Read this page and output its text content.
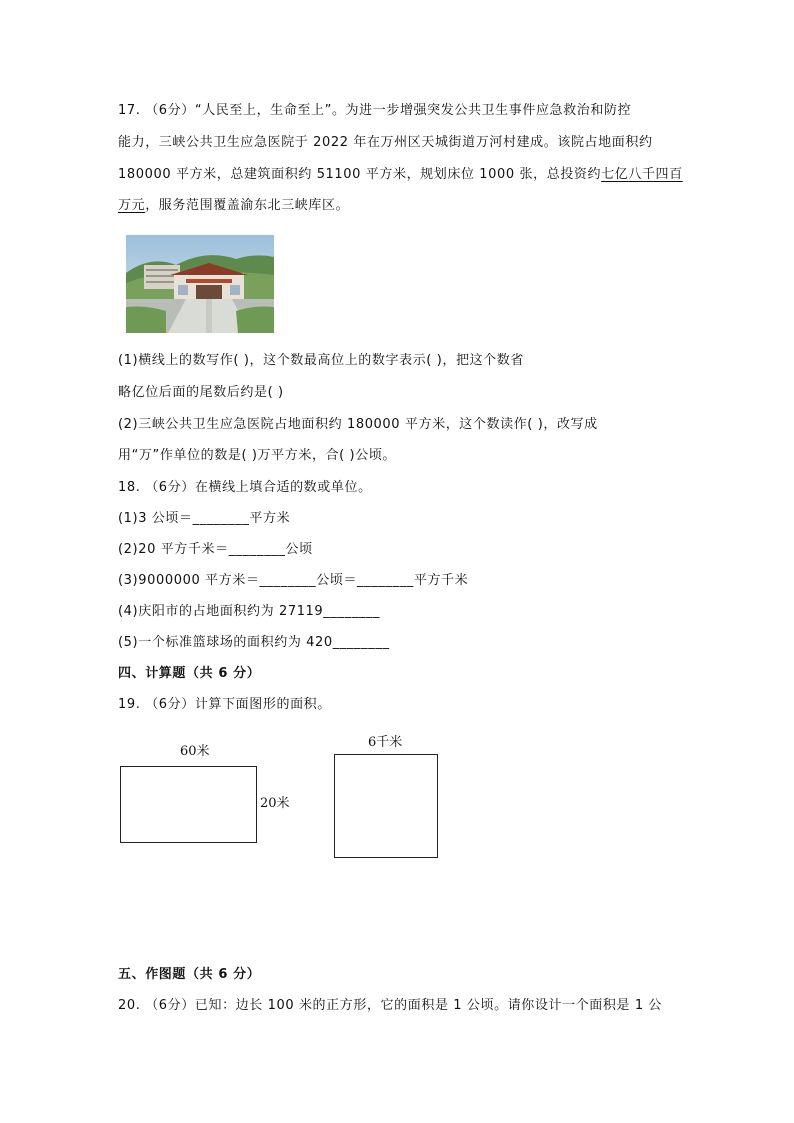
17. （6分）“人民至上，生命至上”。为进一步增强突发公共卫生事件应急救治和防控
能力，三峡公共卫生应急医院于 2022 年在万州区天城街道万河村建成。该院占地面积约
180000 平方米，总建筑面积约 51100 平方米，规划床位 1000 张，总投资约七亿八千四百
万元，服务范围覆盖渝东北三峡库区。
(1)横线上的数写作( )，这个数最高位上的数字表示( )，把这个数省
略亿位后面的尾数后约是( )
(2)三峡公共卫生应急医院占地面积约 180000 平方米，这个数读作( )，改写成
用“万”作单位的数是( )万平方米，合( )公顷。
18. （6分）在横线上填合适的数或单位。
(1)3 公顷＝________平方米
(2)20 平方千米＝________公顷
(3)9000000 平方米＝________公顷＝________平方千米
(4)庆阳市的占地面积约为 27119________
(5)一个标准篮球场的面积约为 420________
四、计算题（共 6 分）
19. （6分）计算下面图形的面积。
60米
20米
6千米
五、作图题（共 6 分）
20. （6分）已知：边长 100 米的正方形，它的面积是 1 公顷。请你设计一个面积是 1 公
